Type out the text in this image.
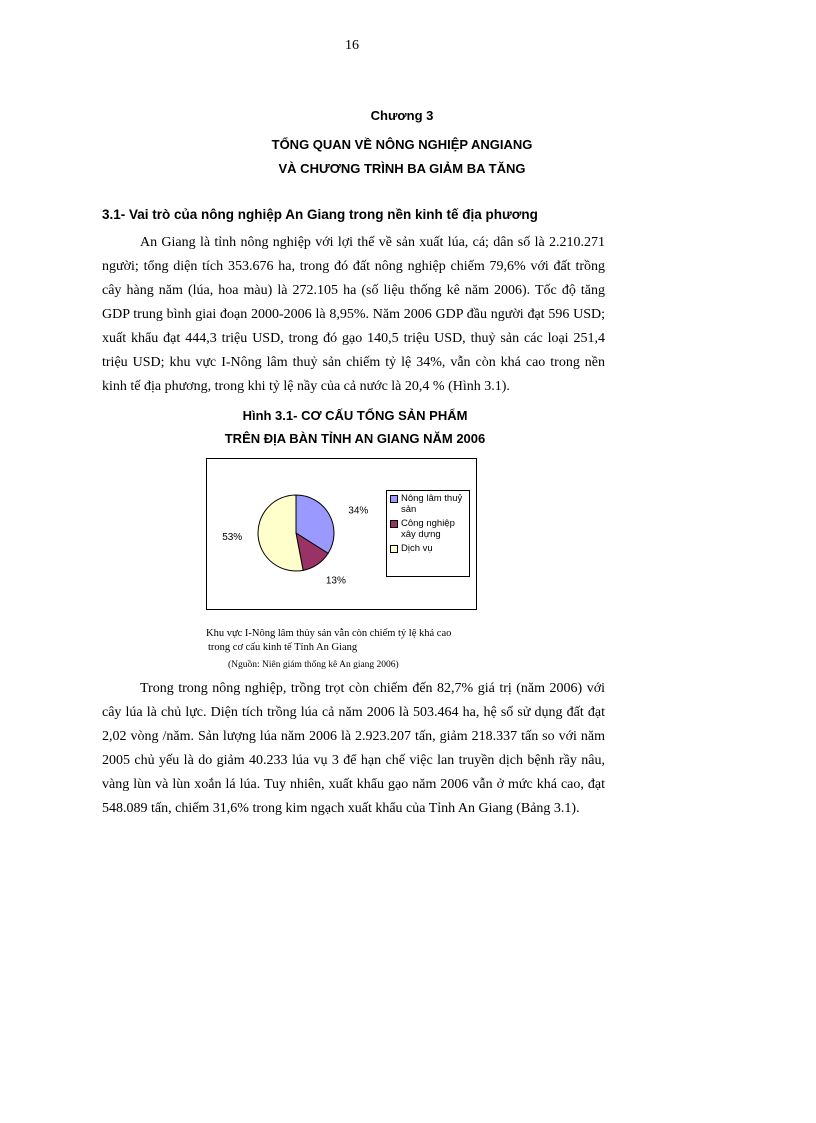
16
Chương 3
TỔNG QUAN VỀ NÔNG NGHIỆP ANGIANG
VÀ CHƯƠNG TRÌNH BA GIẢM BA TĂNG
3.1- Vai trò của nông nghiệp An Giang trong nền kinh tế địa phương

An Giang là tỉnh nông nghiệp với lợi thế về sản xuất lúa, cá; dân số là 2.210.271 người; tổng diện tích 353.676 ha, trong đó đất nông nghiệp chiếm 79,6% với đất trồng cây hàng năm (lúa, hoa màu) là 272.105 ha (số liệu thống kê năm 2006). Tốc độ tăng GDP trung bình giai đoạn 2000-2006 là 8,95%. Năm 2006 GDP đầu người đạt 596 USD; xuất khẩu đạt 444,3 triệu USD, trong đó gạo 140,5 triệu USD, thuỷ sản các loại 251,4 triệu USD; khu vực I-Nông lâm thuỷ sản chiếm tỷ lệ 34%, vẫn còn khá cao trong nền kinh tế địa phương, trong khi tỷ lệ nầy của cả nước là 20,4 % (Hình 3.1).

Hình 3.1- CƠ CẤU TỔNG SẢN PHẨM
TRÊN ĐỊA BÀN TỈNH AN GIANG NĂM 2006
34%
13%
53%
Nông lâm thuỷ
sản
Công nghiệp
xây dựng
Dịch vụ
Khu vực I-Nông lâm thủy sản vẫn còn chiếm tỷ lệ khá cao
trong cơ cấu kinh tế Tỉnh An Giang
(Nguồn: Niên giám thống kê An giang 2006)

Trong trong nông nghiệp, trồng trọt còn chiếm đến 82,7% giá trị (năm 2006) với cây lúa là chủ lực. Diện tích trồng lúa cả năm 2006 là 503.464 ha, hệ số sử dụng đất đạt 2,02 vòng /năm. Sản lượng lúa năm 2006 là 2.923.207 tấn, giảm 218.337 tấn so với năm 2005 chủ yếu là do giảm 40.233 lúa vụ 3 để hạn chế việc lan truyền dịch bệnh rầy nâu, vàng lùn và lùn xoắn lá lúa. Tuy nhiên, xuất khẩu gạo năm 2006 vẫn ở mức khá cao, đạt 548.089 tấn, chiếm 31,6% trong kim ngạch xuất khẩu của Tỉnh An Giang (Bảng 3.1).
